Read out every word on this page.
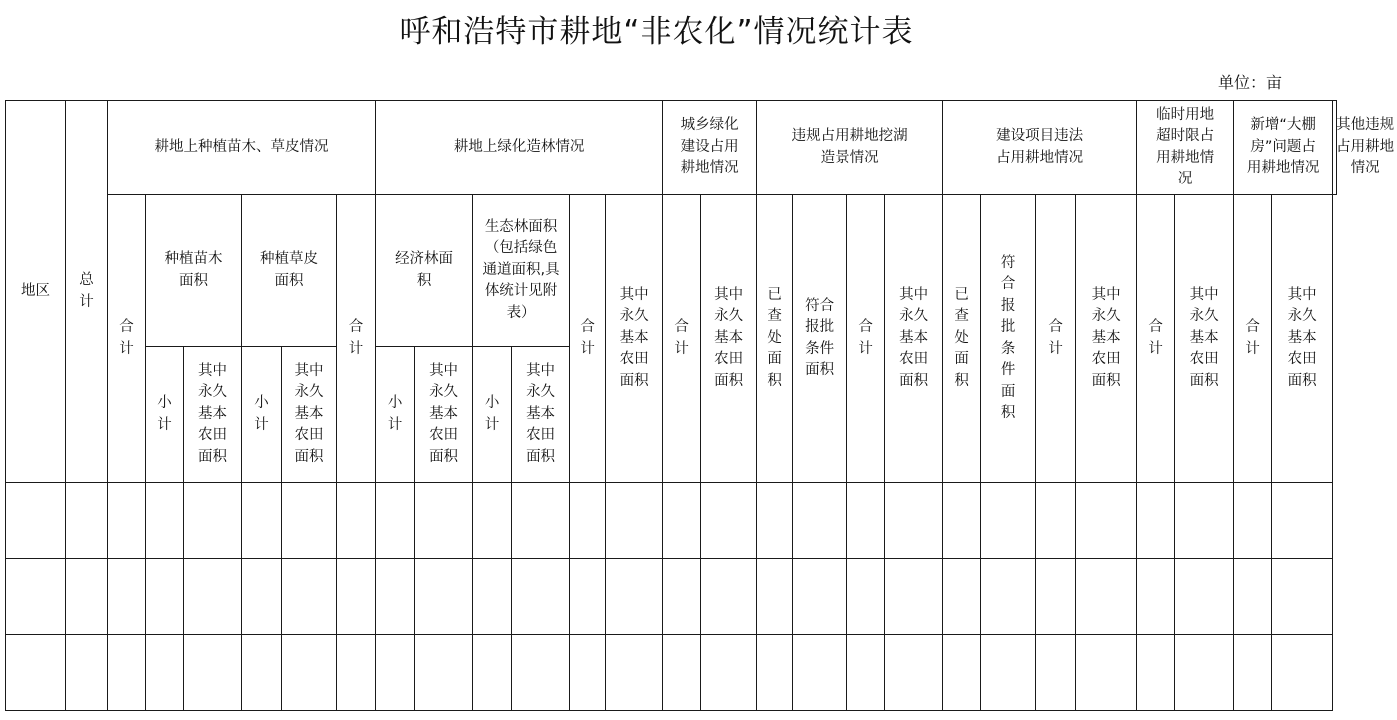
呼和浩特市耕地“非农化”情况统计表
单位：亩
地区	总计	耕地上种植苗木、草皮情况						耕地上绿化造林情况						城乡绿化建设占用耕地情况		违规占用耕地挖湖造景情况				建设项目违法占用耕地情况				临时用地超时限占用耕地情况		新增“大棚房”问题占用耕地情况		其他违规占用耕地情况
		合计	种植苗木面积		种植草皮面积		合计	经济林面积		生态林面积（包括绿色通道面积,具体统计见附表）		合计	其中永久基本农田面积	合计	其中永久基本农田面积	已查处面积	符合报批条件面积	合计	其中永久基本农田面积	已查处面积	符合报批条件面积	合计	其中永久基本农田面积	合计	其中永久基本农田面积	合计	其中永久基本农田面积	
			小计	其中永久基本农田面积	小计	其中永久基本农田面积		小计	其中永久基本农田面积	小计	其中永久基本农田面积																	
